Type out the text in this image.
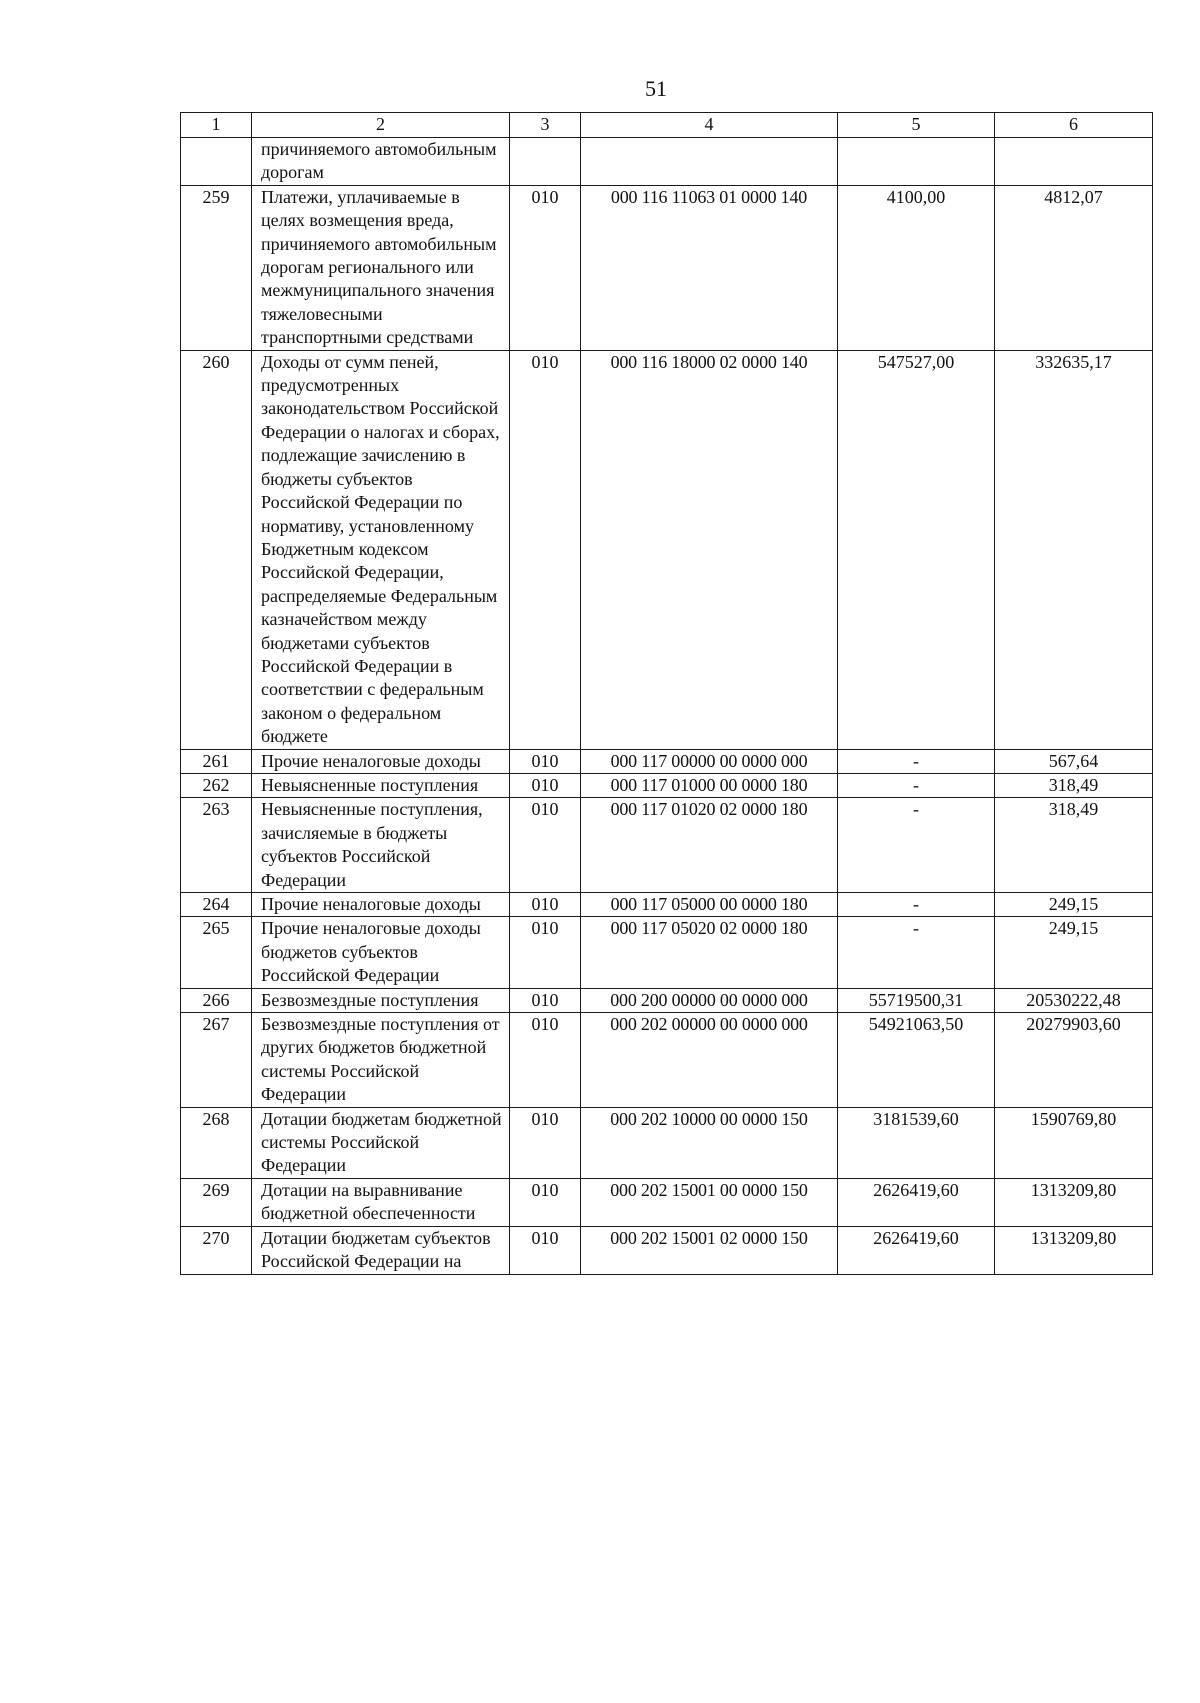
51
1	2	3	4	5	6
	причиняемого автомобильным дорогам				
259	Платежи, уплачиваемые в целях возмещения вреда, причиняемого автомобильным дорогам регионального или межмуниципального значения тяжеловесными транспортными средствами	010	000 116 11063 01 0000 140	4100,00	4812,07
260	Доходы от сумм пеней, предусмотренных законодательством Российской Федерации о налогах и сборах, подлежащие зачислению в бюджеты субъектов Российской Федерации по нормативу, установленному Бюджетным кодексом Российской Федерации, распределяемые Федеральным казначейством между бюджетами субъектов Российской Федерации в соответствии с федеральным законом о федеральном бюджете	010	000 116 18000 02 0000 140	547527,00	332635,17
261	Прочие неналоговые доходы	010	000 117 00000 00 0000 000	-	567,64
262	Невыясненные поступления	010	000 117 01000 00 0000 180	-	318,49
263	Невыясненные поступления, зачисляемые в бюджеты субъектов Российской Федерации	010	000 117 01020 02 0000 180	-	318,49
264	Прочие неналоговые доходы	010	000 117 05000 00 0000 180	-	249,15
265	Прочие неналоговые доходы бюджетов субъектов Российской Федерации	010	000 117 05020 02 0000 180	-	249,15
266	Безвозмездные поступления	010	000 200 00000 00 0000 000	55719500,31	20530222,48
267	Безвозмездные поступления от других бюджетов бюджетной системы Российской Федерации	010	000 202 00000 00 0000 000	54921063,50	20279903,60
268	Дотации бюджетам бюджетной системы Российской Федерации	010	000 202 10000 00 0000 150	3181539,60	1590769,80
269	Дотации на выравнивание бюджетной обеспеченности	010	000 202 15001 00 0000 150	2626419,60	1313209,80
270	Дотации бюджетам субъектов Российской Федерации на	010	000 202 15001 02 0000 150	2626419,60	1313209,80
